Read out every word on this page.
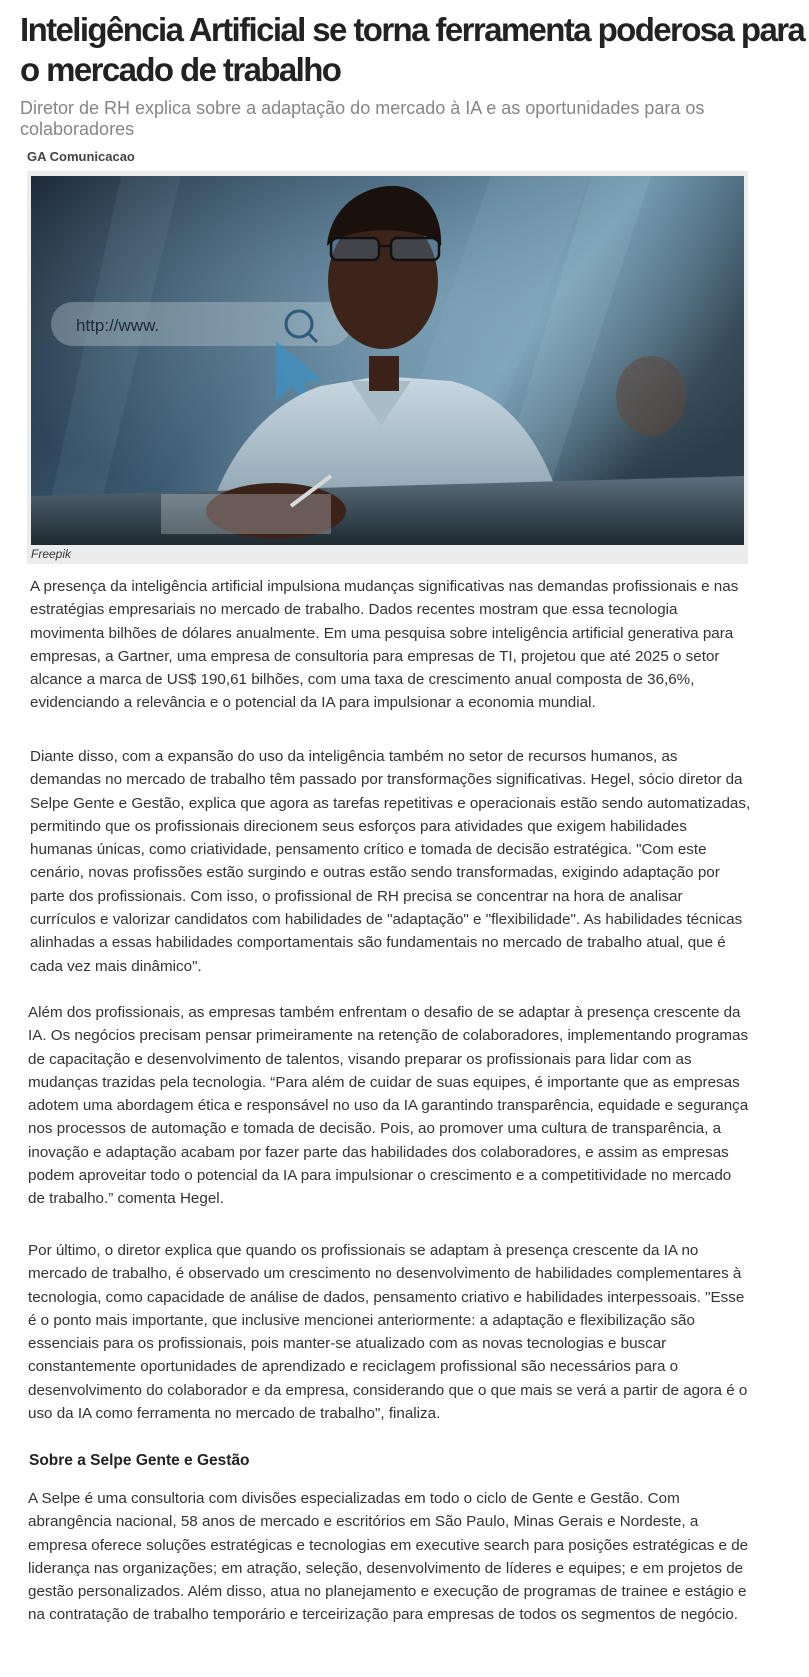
Inteligência Artificial se torna ferramenta poderosa para o mercado de trabalho

Diretor de RH explica sobre a adaptação do mercado à IA e as oportunidades para os colaboradores

GA Comunicacao
http://www.
Freepik

A presença da inteligência artificial impulsiona mudanças significativas nas demandas profissionais e nas estratégias empresariais no mercado de trabalho. Dados recentes mostram que essa tecnologia movimenta bilhões de dólares anualmente. Em uma pesquisa sobre inteligência artificial generativa para empresas, a Gartner, uma empresa de consultoria para empresas de TI, projetou que até 2025 o setor alcance a marca de US$ 190,61 bilhões, com uma taxa de crescimento anual composta de 36,6%, evidenciando a relevância e o potencial da IA para impulsionar a economia mundial.

Diante disso, com a expansão do uso da inteligência também no setor de recursos humanos, as demandas no mercado de trabalho têm passado por transformações significativas. Hegel, sócio diretor da Selpe Gente e Gestão, explica que agora as tarefas repetitivas e operacionais estão sendo automatizadas, permitindo que os profissionais direcionem seus esforços para atividades que exigem habilidades humanas únicas, como criatividade, pensamento crítico e tomada de decisão estratégica. "Com este cenário, novas profissões estão surgindo e outras estão sendo transformadas, exigindo adaptação por parte dos profissionais. Com isso, o profissional de RH precisa se concentrar na hora de analisar currículos e valorizar candidatos com habilidades de "adaptação" e "flexibilidade". As habilidades técnicas alinhadas a essas habilidades comportamentais são fundamentais no mercado de trabalho atual, que é cada vez mais dinâmico".

Além dos profissionais, as empresas também enfrentam o desafio de se adaptar à presença crescente da IA. Os negócios precisam pensar primeiramente na retenção de colaboradores, implementando programas de capacitação e desenvolvimento de talentos, visando preparar os profissionais para lidar com as mudanças trazidas pela tecnologia. “Para além de cuidar de suas equipes, é importante que as empresas adotem uma abordagem ética e responsável no uso da IA garantindo transparência, equidade e segurança nos processos de automação e tomada de decisão. Pois, ao promover uma cultura de transparência, a inovação e adaptação acabam por fazer parte das habilidades dos colaboradores, e assim as empresas podem aproveitar todo o potencial da IA para impulsionar o crescimento e a competitividade no mercado de trabalho.” comenta Hegel.

Por último, o diretor explica que quando os profissionais se adaptam à presença crescente da IA no mercado de trabalho, é observado um crescimento no desenvolvimento de habilidades complementares à tecnologia, como capacidade de análise de dados, pensamento criativo e habilidades interpessoais. "Esse é o ponto mais importante, que inclusive mencionei anteriormente: a adaptação e flexibilização são essenciais para os profissionais, pois manter-se atualizado com as novas tecnologias e buscar constantemente oportunidades de aprendizado e reciclagem profissional são necessários para o desenvolvimento do colaborador e da empresa, considerando que o que mais se verá a partir de agora é o uso da IA como ferramenta no mercado de trabalho", finaliza.

Sobre a Selpe Gente e Gestão

A Selpe é uma consultoria com divisões especializadas em todo o ciclo de Gente e Gestão. Com abrangência nacional, 58 anos de mercado e escritórios em São Paulo, Minas Gerais e Nordeste, a empresa oferece soluções estratégicas e tecnologias em executive search para posições estratégicas e de liderança nas organizações; em atração, seleção, desenvolvimento de líderes e equipes; e em projetos de gestão personalizados. Além disso, atua no planejamento e execução de programas de trainee e estágio e na contratação de trabalho temporário e terceirização para empresas de todos os segmentos de negócio.
